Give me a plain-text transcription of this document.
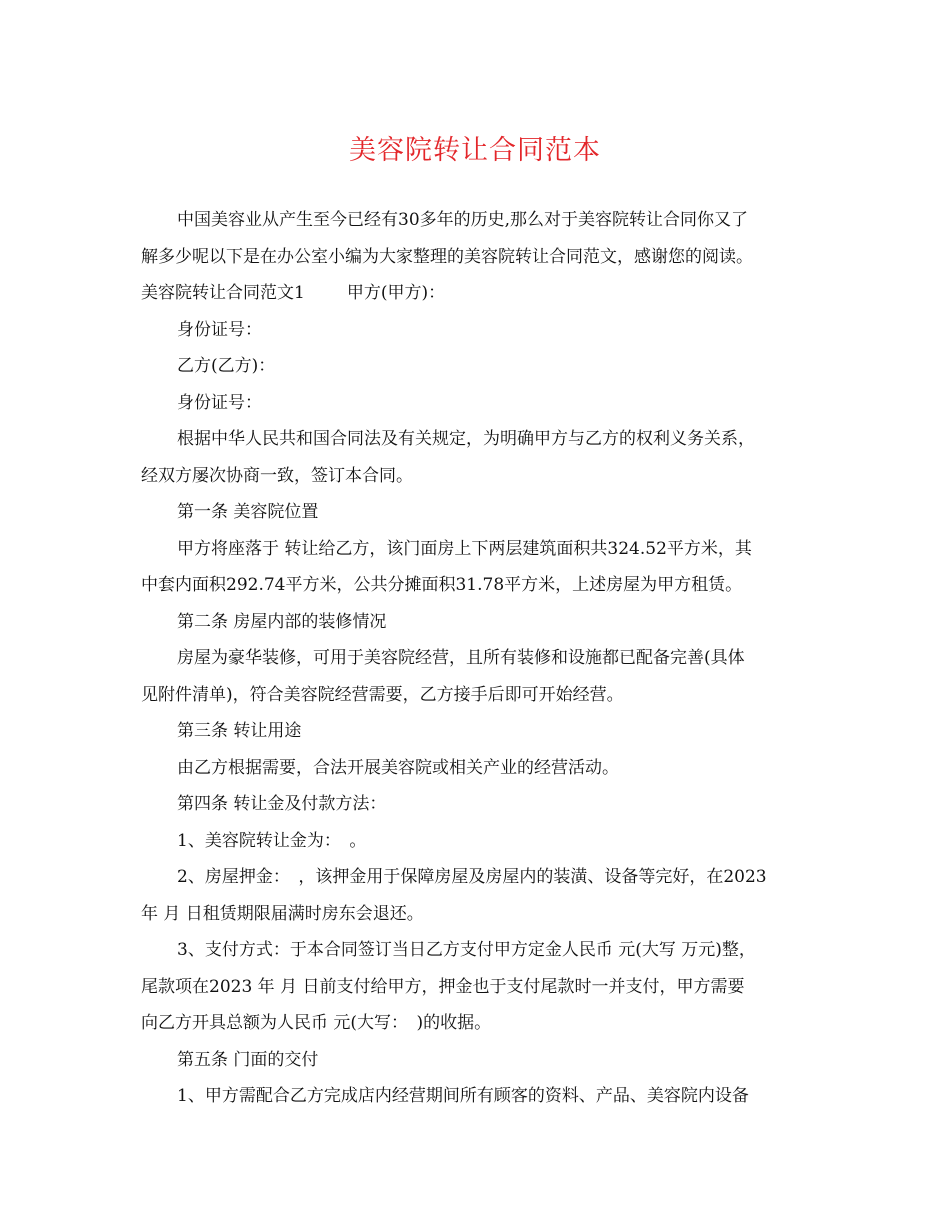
美容院转让合同范本

中国美容业从产生至今已经有30多年的历史,那么对于美容院转让合同你又了

解多少呢以下是在办公室小编为大家整理的美容院转让合同范文，感谢您的阅读。

美容院转让合同范文1 甲方(甲方)：

身份证号：

乙方(乙方)：

身份证号：

根据中华人民共和国合同法及有关规定，为明确甲方与乙方的权利义务关系，

经双方屡次协商一致，签订本合同。

第一条 美容院位置

甲方将座落于 转让给乙方，该门面房上下两层建筑面积共324.52平方米，其

中套内面积292.74平方米，公共分摊面积31.78平方米，上述房屋为甲方租赁。

第二条 房屋内部的装修情况

房屋为豪华装修，可用于美容院经营，且所有装修和设施都已配备完善(具体

见附件清单)，符合美容院经营需要，乙方接手后即可开始经营。

第三条 转让用途

由乙方根据需要，合法开展美容院或相关产业的经营活动。

第四条 转让金及付款方法：

1、美容院转让金为：　。

2、房屋押金：　，该押金用于保障房屋及房屋内的装潢、设备等完好，在2023

年 月 日租赁期限届满时房东会退还。

3、支付方式：于本合同签订当日乙方支付甲方定金人民币 元(大写 万元)整，

尾款项在2023 年 月 日前支付给甲方，押金也于支付尾款时一并支付，甲方需要

向乙方开具总额为人民币 元(大写：　)的收据。

第五条 门面的交付

1、甲方需配合乙方完成店内经营期间所有顾客的资料、产品、美容院内设备
